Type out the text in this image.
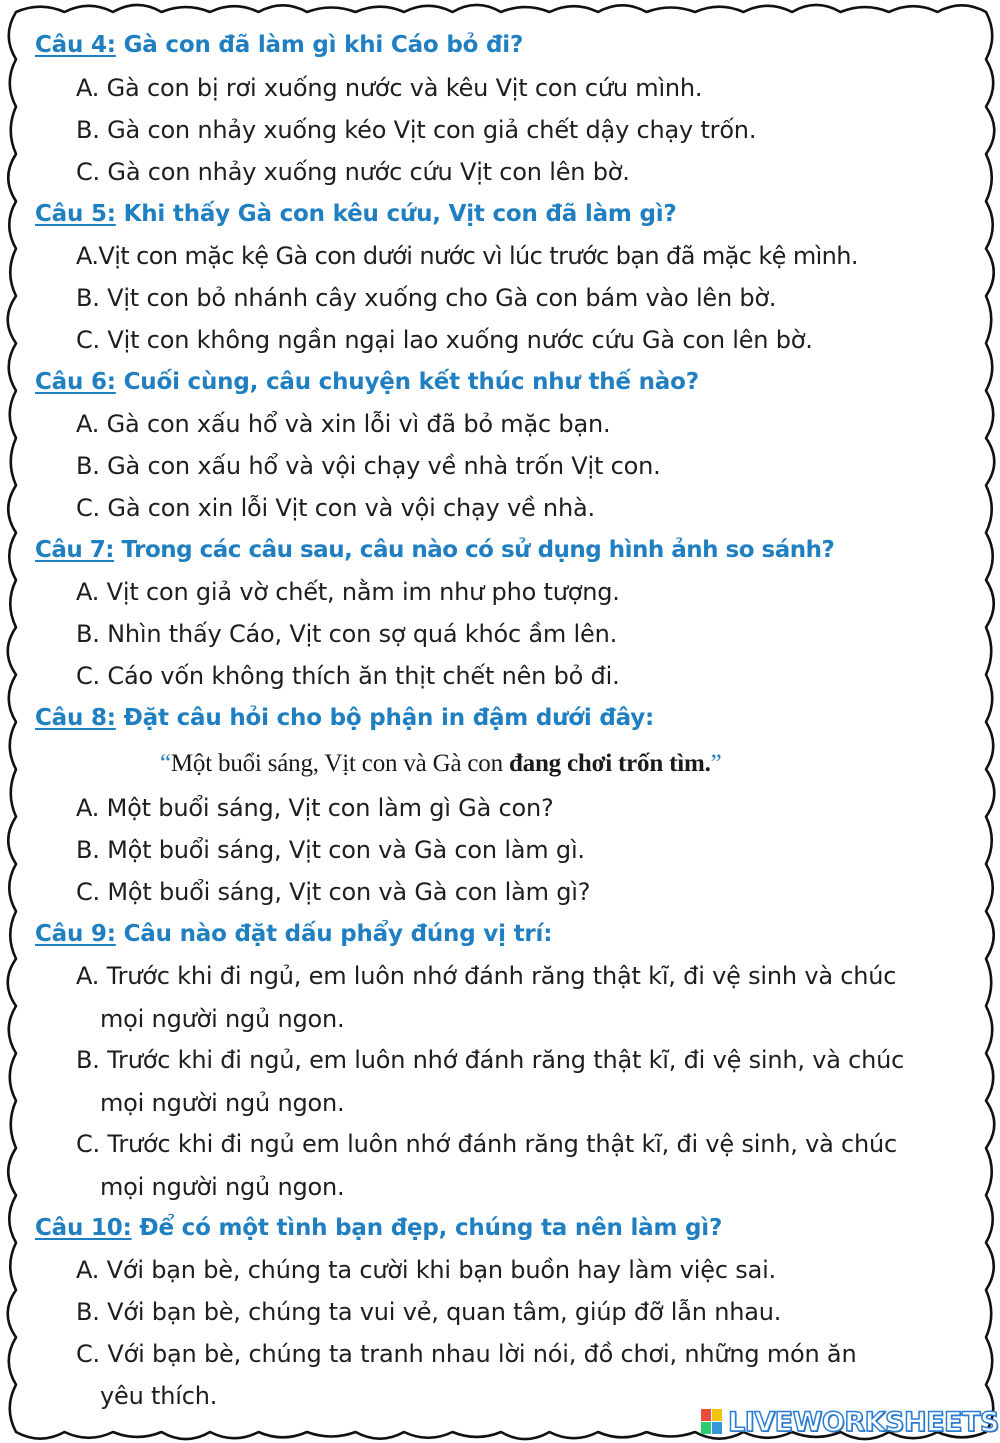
Câu 4: Gà con đã làm gì khi Cáo bỏ đi?
A. Gà con bị rơi xuống nước và kêu Vịt con cứu mình.
B. Gà con nhảy xuống kéo Vịt con giả chết dậy chạy trốn.
C. Gà con nhảy xuống nước cứu Vịt con lên bờ.
Câu 5: Khi thấy Gà con kêu cứu, Vịt con đã làm gì?
A.Vịt con mặc kệ Gà con dưới nước vì lúc trước bạn đã mặc kệ mình.
B. Vịt con bỏ nhánh cây xuống cho Gà con bám vào lên bờ.
C. Vịt con không ngần ngại lao xuống nước cứu Gà con lên bờ.
Câu 6: Cuối cùng, câu chuyện kết thúc như thế nào?
A. Gà con xấu hổ và xin lỗi vì đã bỏ mặc bạn.
B. Gà con xấu hổ và vội chạy về nhà trốn Vịt con.
C. Gà con xin lỗi Vịt con và vội chạy về nhà.
Câu 7: Trong các câu sau, câu nào có sử dụng hình ảnh so sánh?
A. Vịt con giả vờ chết, nằm im như pho tượng.
B. Nhìn thấy Cáo, Vịt con sợ quá khóc ầm lên.
C. Cáo vốn không thích ăn thịt chết nên bỏ đi.
Câu 8: Đặt câu hỏi cho bộ phận in đậm dưới đây:
“Một buổi sáng, Vịt con và Gà con đang chơi trốn tìm.”
A. Một buổi sáng, Vịt con làm gì Gà con?
B. Một buổi sáng, Vịt con và Gà con làm gì.
C. Một buổi sáng, Vịt con và Gà con làm gì?
Câu 9: Câu nào đặt dấu phẩy đúng vị trí:
A. Trước khi đi ngủ, em luôn nhớ đánh răng thật kĩ, đi vệ sinh và chúc
mọi người ngủ ngon.
B. Trước khi đi ngủ, em luôn nhớ đánh răng thật kĩ, đi vệ sinh, và chúc
mọi người ngủ ngon.
C. Trước khi đi ngủ em luôn nhớ đánh răng thật kĩ, đi vệ sinh, và chúc
mọi người ngủ ngon.
Câu 10: Để có một tình bạn đẹp, chúng ta nên làm gì?
A. Với bạn bè, chúng ta cười khi bạn buồn hay làm việc sai.
B. Với bạn bè, chúng ta vui vẻ, quan tâm, giúp đỡ lẫn nhau.
C. Với bạn bè, chúng ta tranh nhau lời nói, đồ chơi, những món ăn
yêu thích.
LIVEWORKSHEETS
